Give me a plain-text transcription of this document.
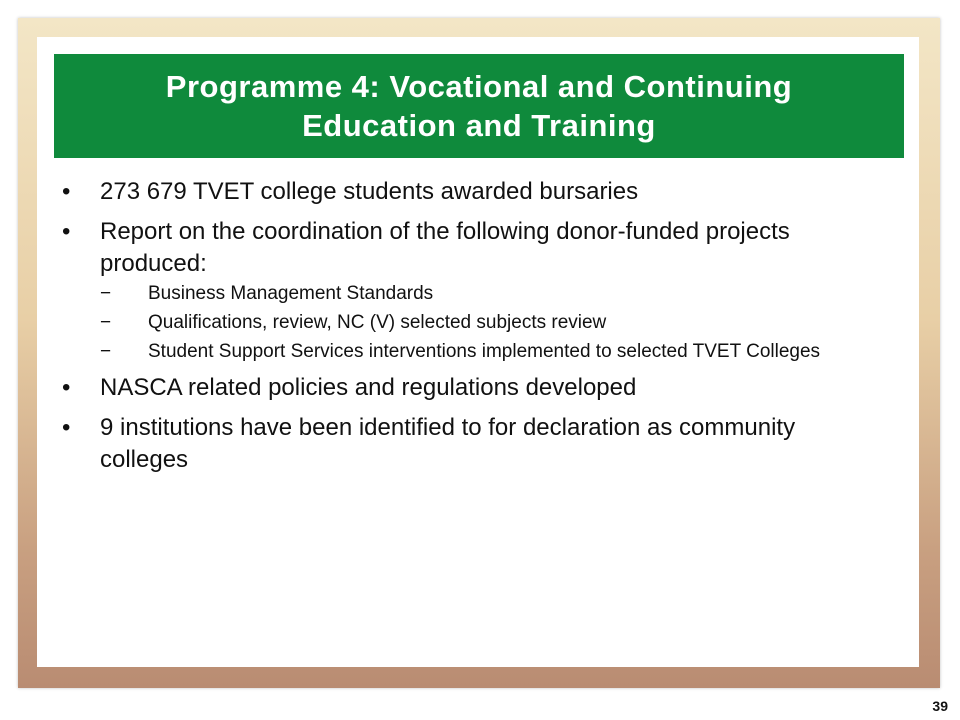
Programme 4: Vocational and Continuing
Education and Training
• 273 679 TVET college students awarded bursaries
• Report on the coordination of the following donor-funded projects produced:
− Business Management Standards
− Qualifications, review, NC (V) selected subjects review
− Student Support Services interventions implemented to selected TVET Colleges
• NASCA related policies and regulations developed
• 9 institutions have been identified to for declaration as community colleges
39
